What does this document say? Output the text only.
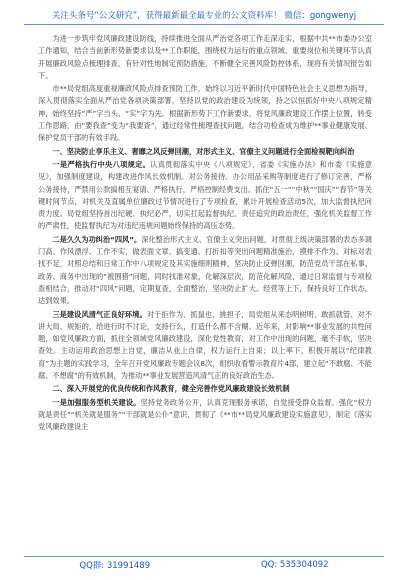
关注头条号“公文研究”，获得最新最全最专业的公文资料库！ 微信：gongwenyj

为进一步筑牢党风廉政建设防线，持续推进全面从严治党各项工作走深走实，根据中共**市委办公室工作通知，结合当前新形势新要求以及**工作职能，围绕权力运行的重点领域、重要岗位和关键环节认真开展廉政风险点梳理排查，有针对性地制定预防措施，不断健全完善风险防控体系，现将有关情况报告如下。

市**局党组高度重视廉政风险点排查预防工作，始终以习近平新时代中国特色社会主义思想为指导，深入贯彻落实全面从严治党各项决策部署，坚持以党的政治建设为统领，持之以恒抓好中央八项规定精神，始终坚持“严”字当头、“实”字为先。根据新形势下工作新要求，将党风廉政建设工作摆上位置，转变工作思路，由“要我查”变为“我要查”，通过经常性梳理查找问题，结合功检查成为维护**事业健康发展、保护党员干部的有效手段。

一、坚决防止享乐主义、奢靡之风反弹回潮，对形式主义、官僚主义问题进行全面检视靶向纠治

一是严格执行中央八项规定。认真贯彻落实中央《八项规定》、省委《实施办法》和市委《实施意见》，加强制度建设，构建改进作风长效机制。对公务接待、办公用品采购等制度进行了修订完善，严格公务接待，严禁用公款搞相互宴请、严格执行，严格控制经费支出。抓住“五一”“中秋”“国庆”“春节”等关键时间节点，对机关及直属单位廉政过节情况进行了专项检查，累计开展检查活动5次，加大监督执纪问责力度。局党组坚持首出纪硬、执纪必严，切实扛起监督执纪、责任追究的政治责任，强化机关监督工作的严肃性，使监督执纪为对违纪违规问题始终保持的高压态势。

二是久久为功纠治“四风”。深化整治形式主义、官僚主义突出问题，对贯彻上级决策部署的表态多调门高、作风漂浮、工作不实，做表面文章、搞变通、打折扣等突出问题精准施治，摸排不作为、对标对表找不足，对照总结和日常工作中八项规定及其实施细则精神，坚决防止反弹回潮，防范党员干部在私事、政务、商务中出现的“被围猎”问题，同时找准对象，化解深层次，防范化解风险，通过日常监督与专项检查相结合，推动对“四风”问题，定期复查，全面整治，坚决防止扩大。经营等上下，保持良好工作状态，达到效果。

三是建设风清气正良好环境。对于拒作为、抓鼠也、挑担子，局党组从来态明树明、敢抓就管、对不讲大局、规矩的，给进行时不讨论，支持行么，打造什么都不含糊。近年来，对影响**事业发展的共性问题，如党风廉政方面，抓住全领域党风廉政建设，深化党性教育，对工作中出现的问题，毫不手软，坚决查处。主动运用政治思想上自觉，廉洁从业上自律，权力运行上自束；以上率下，积极开展以“纪律教育”为主题的实践学习，全年召开党风廉政专题会议8次，组织收看警示教育片4部，建立起“不敢腐、不能腐、不想腐”的有效机制，为推动**事业发展营造风清气正的良好政治生态。

二、深入开展党的优良传统和作风教育，健全完善作党风廉政建设长效机制

一是加强服务型机关建设。坚持党务政务公开，认真克现服务承诺，自觉接受群众监督。强化“权力就是责任”“机关就是服务”“干部就是公仆”意识，贯彻了《**市**局党风廉政建设实施意见》，制定《落实党风廉政建设主

QQ群: 31991489	QQ: 535304092
